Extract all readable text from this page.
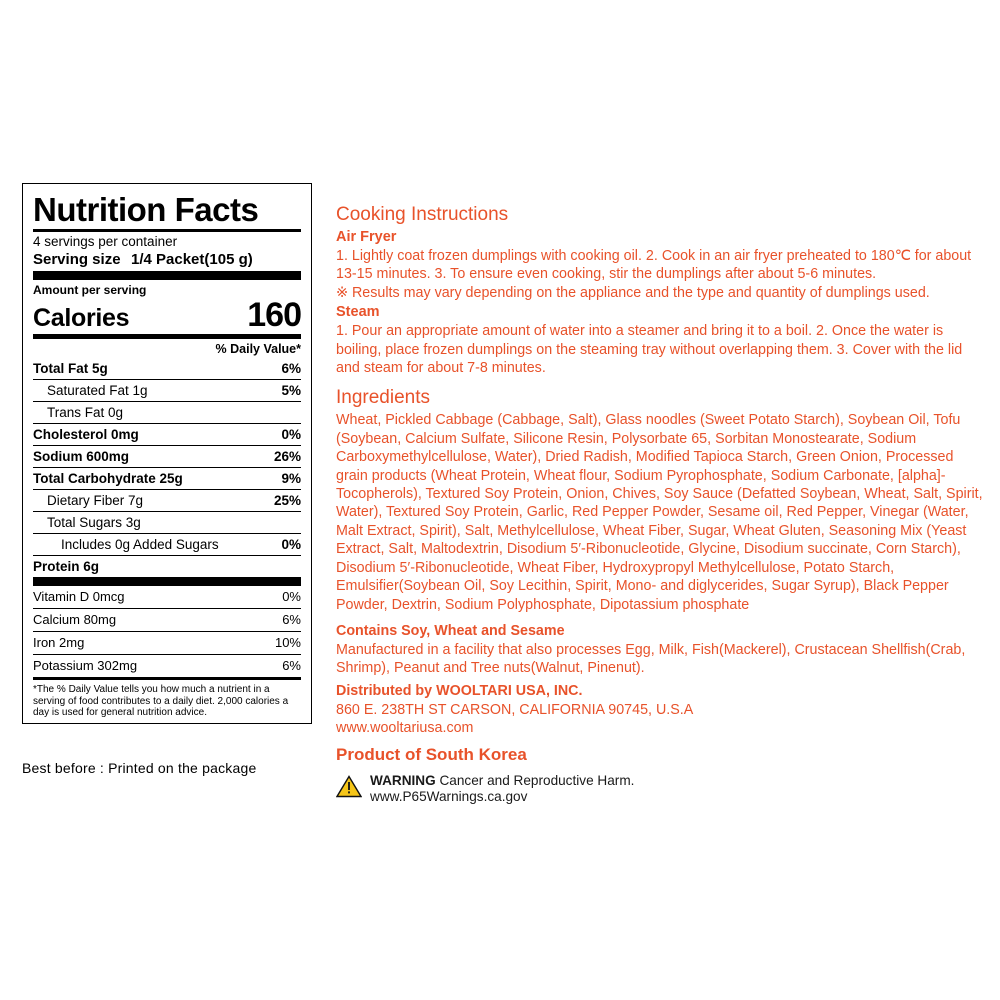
Nutrition Facts
4 servings per container
Serving size 1/4 Packet(105 g)
Amount per serving
Calories	160
% Daily Value*
Total Fat 5g	6%
Saturated Fat 1g	5%
Trans Fat 0g
Cholesterol 0mg	0%
Sodium 600mg	26%
Total Carbohydrate 25g	9%
Dietary Fiber 7g	25%
Total Sugars 3g
Includes 0g Added Sugars	0%
Protein 6g
Vitamin D 0mcg	0%
Calcium 80mg	6%
Iron 2mg	10%
Potassium 302mg	6%
*The % Daily Value tells you how much a nutrient in a serving of food contributes to a daily diet. 2,000 calories a day is used for general nutrition advice.
Best before : Printed on the package
Cooking Instructions
Air Fryer
1. Lightly coat frozen dumplings with cooking oil. 2. Cook in an air fryer preheated to 180℃ for about 13-15 minutes. 3. To ensure even cooking, stir the dumplings after about 5-6 minutes.
※ Results may vary depending on the appliance and the type and quantity of dumplings used.
Steam
1. Pour an appropriate amount of water into a steamer and bring it to a boil. 2. Once the water is boiling, place frozen dumplings on the steaming tray without overlapping them. 3. Cover with the lid and steam for about 7-8 minutes.
Ingredients
Wheat, Pickled Cabbage (Cabbage, Salt), Glass noodles (Sweet Potato Starch), Soybean Oil, Tofu (Soybean, Calcium Sulfate, Silicone Resin, Polysorbate 65, Sorbitan Monostearate, Sodium Carboxymethylcellulose, Water), Dried Radish, Modified Tapioca Starch, Green Onion, Processed grain products (Wheat Protein, Wheat flour, Sodium Pyrophosphate, Sodium Carbonate, [alpha]-Tocopherols), Textured Soy Protein, Onion, Chives, Soy Sauce (Defatted Soybean, Wheat, Salt, Spirit, Water), Textured Soy Protein, Garlic, Red Pepper Powder, Sesame oil, Red Pepper, Vinegar (Water, Malt Extract, Spirit), Salt, Methylcellulose, Wheat Fiber, Sugar, Wheat Gluten, Seasoning Mix (Yeast Extract, Salt, Maltodextrin, Disodium 5′-Ribonucleotide, Glycine, Disodium succinate, Corn Starch), Disodium 5′-Ribonucleotide, Wheat Fiber, Hydroxypropyl Methylcellulose, Potato Starch, Emulsifier(Soybean Oil, Soy Lecithin, Spirit, Mono- and diglycerides, Sugar Syrup), Black Pepper Powder, Dextrin, Sodium Polyphosphate, Dipotassium phosphate
Contains Soy, Wheat and Sesame
Manufactured in a facility that also processes Egg, Milk, Fish(Mackerel), Crustacean Shellfish(Crab, Shrimp), Peanut and Tree nuts(Walnut, Pinenut).
Distributed by WOOLTARI USA, INC.
860 E. 238TH ST CARSON, CALIFORNIA 90745, U.S.A
www.wooltariusa.com
Product of South Korea
WARNING Cancer and Reproductive Harm.
www.P65Warnings.ca.gov
